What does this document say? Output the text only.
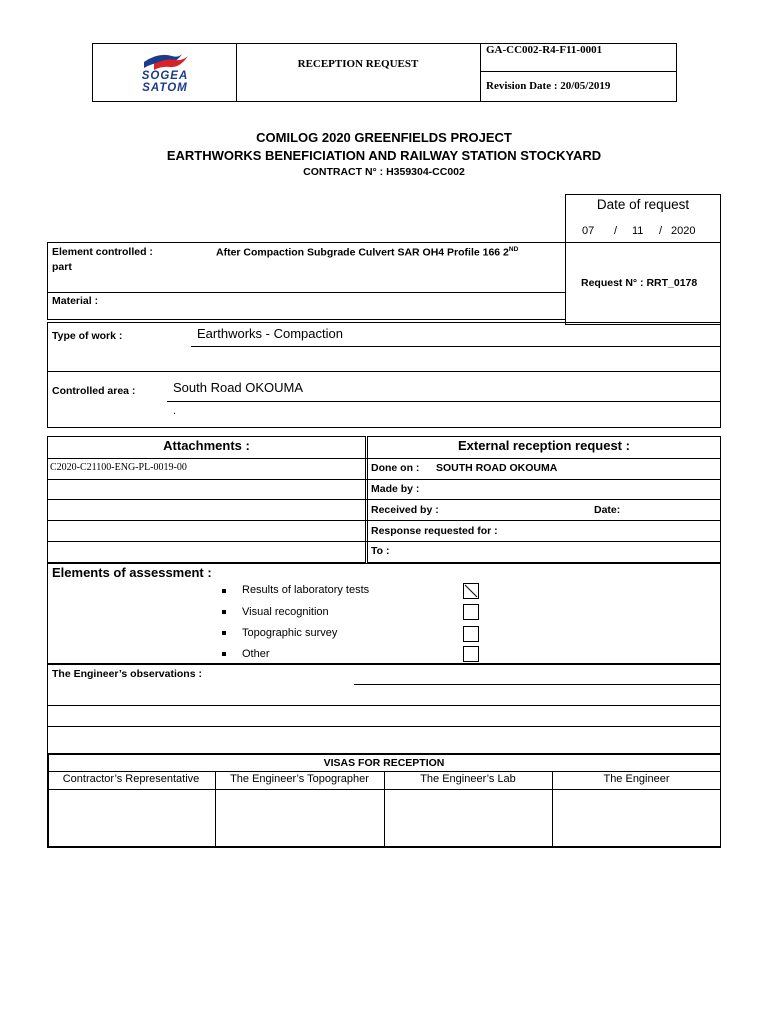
SOGEA
SATOM
RECEPTION REQUEST
GA-CC002-R4-F11-0001
Revision Date : 20/05/2019
COMILOG 2020 GREENFIELDS PROJECT
EARTHWORKS BENEFICIATION AND RAILWAY STATION STOCKYARD
CONTRACT N° : H359304-CC002
Date of request
07 / 11 / 2020
Request N° : RRT_0178
Element controlled :	After Compaction Subgrade Culvert SAR OH4 Profile 166 2ND
part
Material :
Type of work :	Earthworks - Compaction
Controlled area :	South Road OKOUMA
.
Attachments :	External reception request :
C2020-C21100-ENG-PL-0019-00	Done on : SOUTH ROAD OKOUMA
Made by :
Received by :	Date:
Response requested for :
To :
Elements of assessment :
Results of laboratory tests
Visual recognition
Topographic survey
Other
The Engineer’s observations :
VISAS FOR RECEPTION
Contractor’s Representative	The Engineer’s Topographer	The Engineer’s Lab	The Engineer
